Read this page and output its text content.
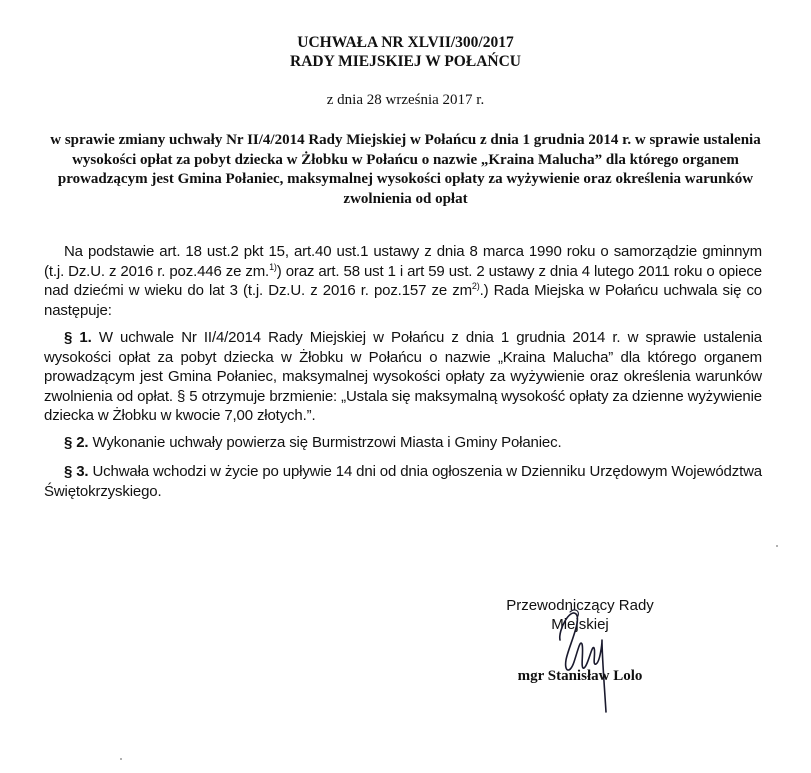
UCHWAŁA NR XLVII/300/2017
RADY MIEJSKIEJ W POŁAŃCU
z dnia 28 września 2017 r.
w sprawie zmiany uchwały Nr II/4/2014 Rady Miejskiej w Połańcu z dnia 1 grudnia 2014 r. w sprawie ustalenia wysokości opłat za pobyt dziecka w Żłobku w Połańcu o nazwie „Kraina Malucha” dla którego organem prowadzącym jest Gmina Połaniec, maksymalnej wysokości opłaty za wyżywienie oraz określenia warunków zwolnienia od opłat
Na podstawie art. 18 ust.2 pkt 15, art.40 ust.1 ustawy z dnia 8 marca 1990 roku o samorządzie gminnym (t.j. Dz.U. z 2016 r. poz.446 ze zm.$^{1)}$) oraz art. 58 ust 1 i art 59 ust. 2 ustawy z dnia 4 lutego 2011 roku o opiece nad dziećmi w wieku do lat 3 (t.j. Dz.U. z 2016 r. poz.157 ze $zm^{2)}$.) Rada Miejska w Połańcu uchwala się co następuje:
§ 1. W uchwale Nr II/4/2014 Rady Miejskiej w Połańcu z dnia 1 grudnia 2014 r. w sprawie ustalenia wysokości opłat za pobyt dziecka w Żłobku w Połańcu o nazwie „Kraina Malucha” dla którego organem prowadzącym jest Gmina Połaniec, maksymalnej wysokości opłaty za wyżywienie oraz określenia warunków zwolnienia od opłat. § 5 otrzymuje brzmienie: „Ustala się maksymalną wysokość opłaty za dzienne wyżywienie dziecka w Żłobku w kwocie 7,00 złotych.”.
§ 2. Wykonanie uchwały powierza się Burmistrzowi Miasta i Gminy Połaniec.
§ 3. Uchwała wchodzi w życie po upływie 14 dni od dnia ogłoszenia w Dzienniku Urzędowym Województwa Świętokrzyskiego.
Przewodniczący Rady
Miejskiej
mgr Stanisław Lolo
